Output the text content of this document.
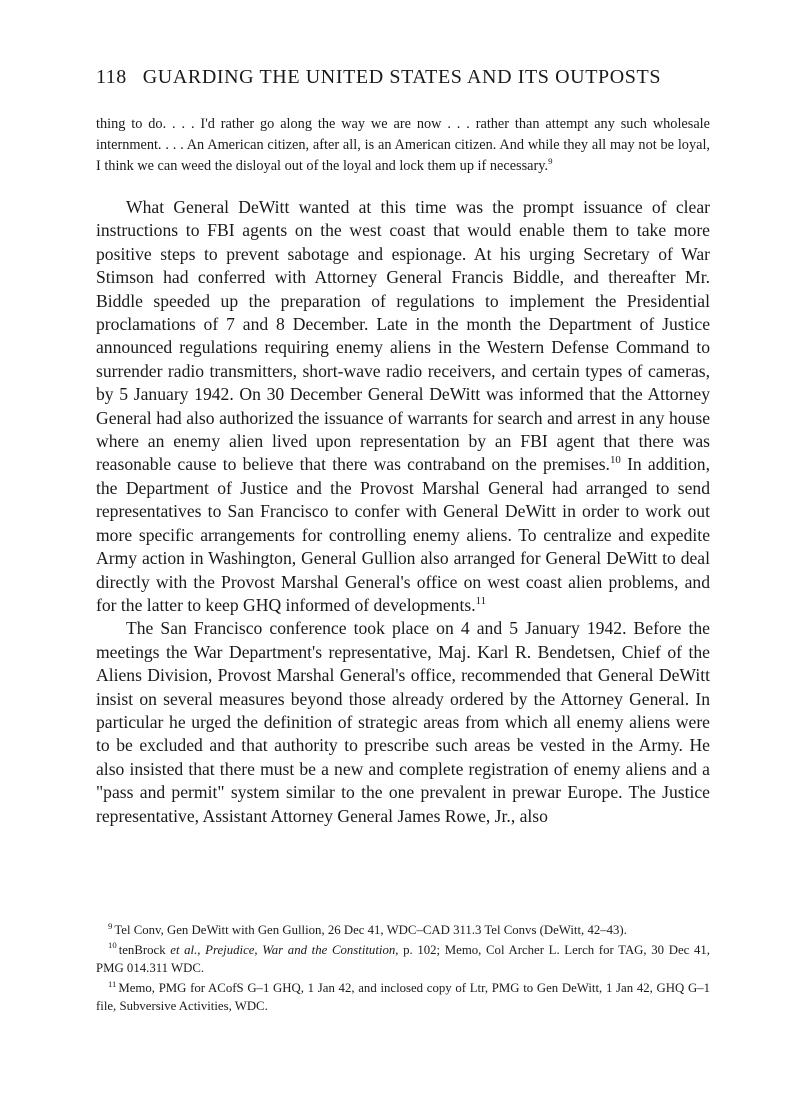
118 GUARDING THE UNITED STATES AND ITS OUTPOSTS

thing to do. . . . I'd rather go along the way we are now . . . rather than attempt any such wholesale internment. . . . An American citizen, after all, is an American citizen. And while they all may not be loyal, I think we can weed the disloyal out of the loyal and lock them up if necessary.$^9$

What General DeWitt wanted at this time was the prompt issuance of clear instructions to FBI agents on the west coast that would enable them to take more positive steps to prevent sabotage and espionage. At his urging Secretary of War Stimson had conferred with Attorney General Francis Biddle, and thereafter Mr. Biddle speeded up the preparation of regulations to implement the Presidential proclamations of 7 and 8 December. Late in the month the Department of Justice announced regulations requiring enemy aliens in the Western Defense Command to surrender radio transmitters, short-wave radio receivers, and certain types of cameras, by 5 January 1942. On 30 December General DeWitt was informed that the Attorney General had also authorized the issuance of warrants for search and arrest in any house where an enemy alien lived upon representation by an FBI agent that there was reasonable cause to believe that there was contraband on the premises.$^{10}$ In addition, the Department of Justice and the Provost Marshal General had arranged to send representatives to San Francisco to confer with General DeWitt in order to work out more specific arrangements for controlling enemy aliens. To centralize and expedite Army action in Washington, General Gullion also arranged for General DeWitt to deal directly with the Provost Marshal General's office on west coast alien problems, and for the latter to keep GHQ informed of developments.$^{11}$

The San Francisco conference took place on 4 and 5 January 1942. Before the meetings the War Department's representative, Maj. Karl R. Bendetsen, Chief of the Aliens Division, Provost Marshal General's office, recommended that General DeWitt insist on several measures beyond those already ordered by the Attorney General. In particular he urged the definition of strategic areas from which all enemy aliens were to be excluded and that authority to prescribe such areas be vested in the Army. He also insisted that there must be a new and complete registration of enemy aliens and a "pass and permit" system similar to the one prevalent in prewar Europe. The Justice representative, Assistant Attorney General James Rowe, Jr., also

$^9$ Tel Conv, Gen DeWitt with Gen Gullion, 26 Dec 41, WDC–CAD 311.3 Tel Convs (DeWitt, 42–43).

$^{10}$ tenBrock et al., Prejudice, War and the Constitution, p. 102; Memo, Col Archer L. Lerch for TAG, 30 Dec 41, PMG 014.311 WDC.

$^{11}$ Memo, PMG for ACofS G–1 GHQ, 1 Jan 42, and inclosed copy of Ltr, PMG to Gen DeWitt, 1 Jan 42, GHQ G–1 file, Subversive Activities, WDC.
